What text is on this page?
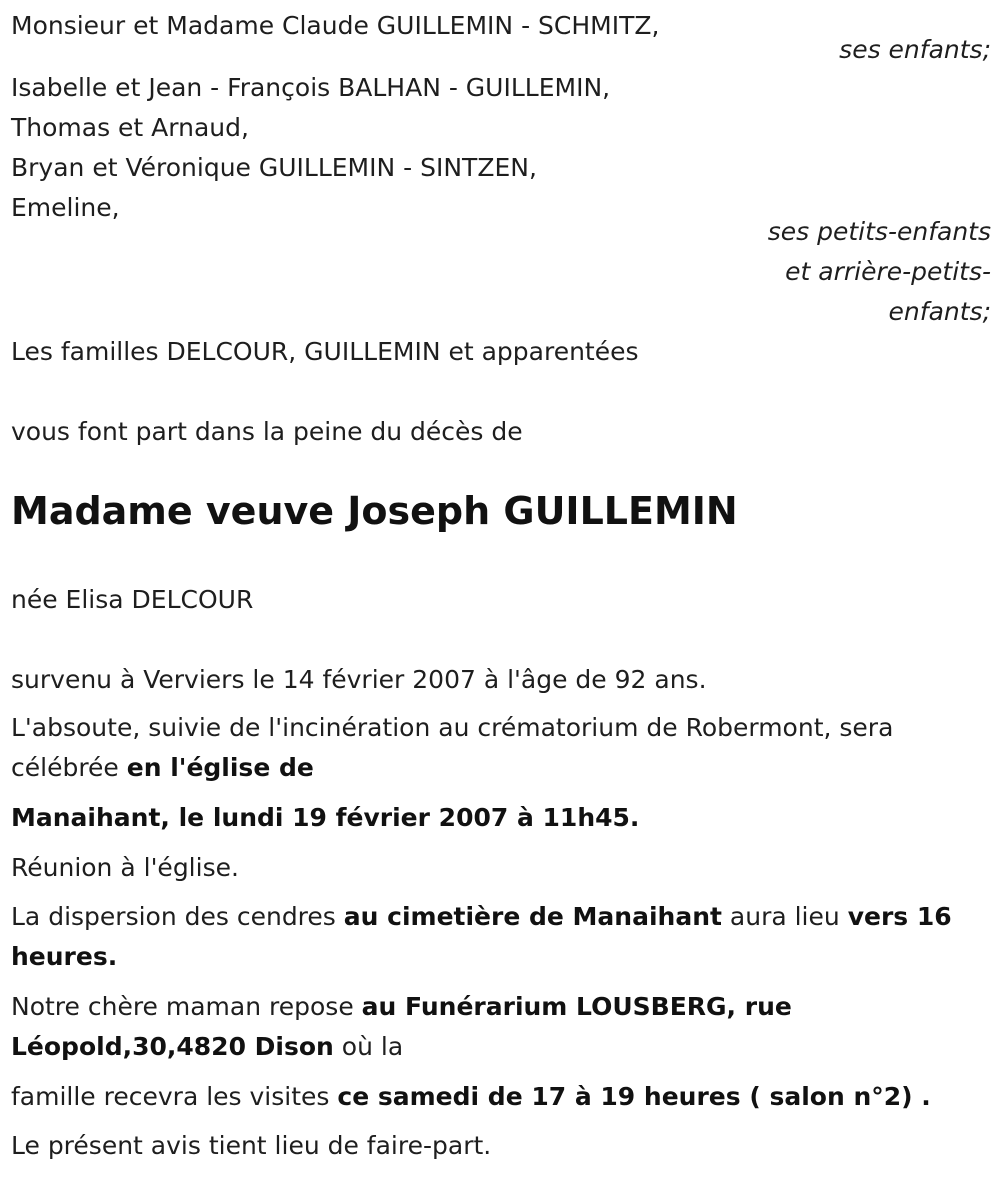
Monsieur et Madame Claude GUILLEMIN - SCHMITZ,

ses enfants;

Isabelle et Jean - François BALHAN - GUILLEMIN,

Thomas et Arnaud,

Bryan et Véronique GUILLEMIN - SINTZEN,

Emeline,

ses petits-enfants

et arrière-petits-

enfants;

Les familles DELCOUR, GUILLEMIN et apparentées

vous font part dans la peine du décès de

Madame veuve Joseph GUILLEMIN

née Elisa DELCOUR

survenu à Verviers le 14 février 2007 à l'âge de 92 ans.

L'absoute, suivie de l'incinération au crématorium de Robermont, sera célébrée en l'église de

Manaihant, le lundi 19 février 2007 à 11h45.

Réunion à l'église.

La dispersion des cendres au cimetière de Manaihant aura lieu vers 16 heures.

Notre chère maman repose au Funérarium LOUSBERG, rue Léopold,30,4820 Dison où la

famille recevra les visites ce samedi de 17 à 19 heures ( salon n°2) .

Le présent avis tient lieu de faire-part.
